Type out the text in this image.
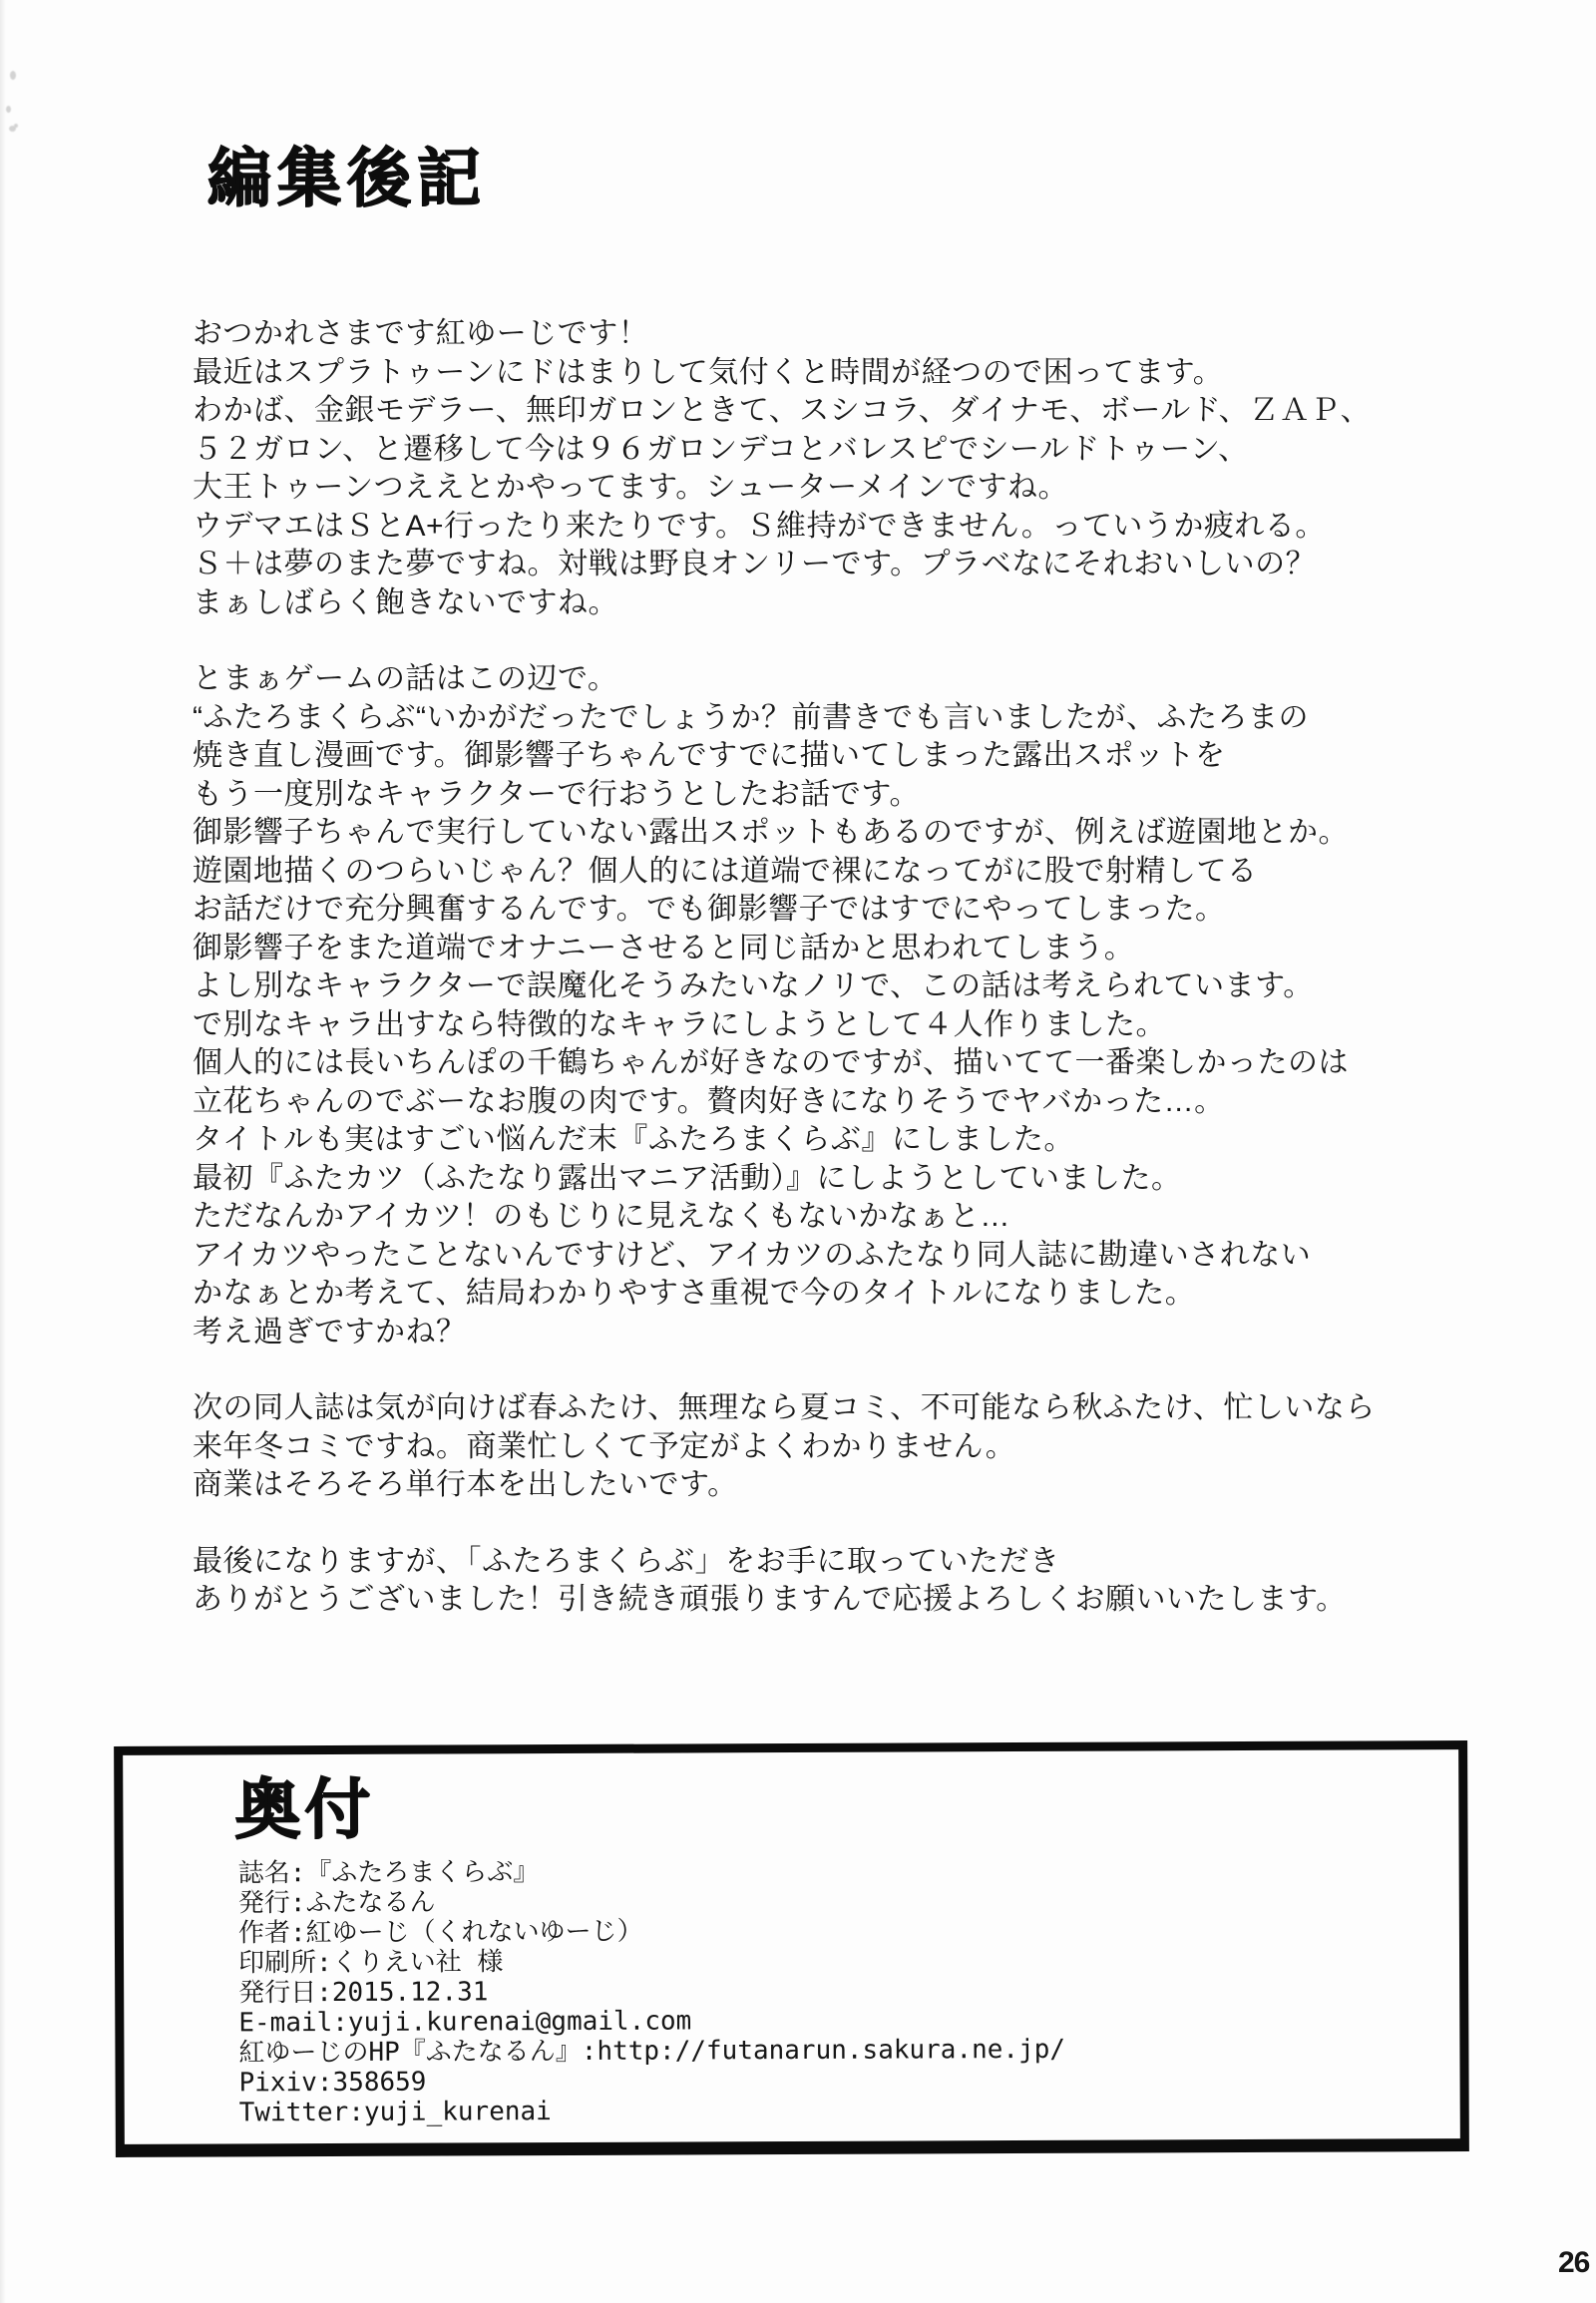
編集後記
おつかれさまです紅ゆーじです！
最近はスプラトゥーンにドはまりして気付くと時間が経つので困ってます。
わかば、金銀モデラー、無印ガロンときて、スシコラ、ダイナモ、ボールド、ＺＡＰ、
５２ガロン、と遷移して今は９６ガロンデコとバレスピでシールドトゥーン、
大王トゥーンつええとかやってます。シューターメインですね。
ウデマエはＳとA+行ったり来たりです。Ｓ維持ができません。っていうか疲れる。
Ｓ＋は夢のまた夢ですね。対戦は野良オンリーです。プラベなにそれおいしいの？
まぁしばらく飽きないですね。
とまぁゲームの話はこの辺で。
“ふたろまくらぶ“いかがだったでしょうか？前書きでも言いましたが、ふたろまの
焼き直し漫画です。御影響子ちゃんですでに描いてしまった露出スポットを
もう一度別なキャラクターで行おうとしたお話です。
御影響子ちゃんで実行していない露出スポットもあるのですが、例えば遊園地とか。
遊園地描くのつらいじゃん？個人的には道端で裸になってがに股で射精してる
お話だけで充分興奮するんです。でも御影響子ではすでにやってしまった。
御影響子をまた道端でオナニーさせると同じ話かと思われてしまう。
よし別なキャラクターで誤魔化そうみたいなノリで、この話は考えられています。
で別なキャラ出すなら特徴的なキャラにしようとして４人作りました。
個人的には長いちんぽの千鶴ちゃんが好きなのですが、描いてて一番楽しかったのは
立花ちゃんのでぶーなお腹の肉です。贅肉好きになりそうでヤバかった…。
タイトルも実はすごい悩んだ末『ふたろまくらぶ』にしました。
最初『ふたカツ（ふたなり露出マニア活動）』にしようとしていました。
ただなんかアイカツ！のもじりに見えなくもないかなぁと…
アイカツやったことないんですけど、アイカツのふたなり同人誌に勘違いされない
かなぁとか考えて、結局わかりやすさ重視で今のタイトルになりました。
考え過ぎですかね？
次の同人誌は気が向けば春ふたけ、無理なら夏コミ、不可能なら秋ふたけ、忙しいなら
来年冬コミですね。商業忙しくて予定がよくわかりません。
商業はそろそろ単行本を出したいです。
最後になりますが、「ふたろまくらぶ」をお手に取っていただき
ありがとうございました！引き続き頑張りますんで応援よろしくお願いいたします。
奥付
誌名:『ふたろまくらぶ』
発行:ふたなるん
作者:紅ゆーじ（くれないゆーじ）
印刷所:くりえい社 様
発行日:2015.12.31
E-mail:yuji.kurenai@gmail.com
紅ゆーじのHP『ふたなるん』:http://futanarun.sakura.ne.jp/
Pixiv:358659
Twitter:yuji_kurenai
26
